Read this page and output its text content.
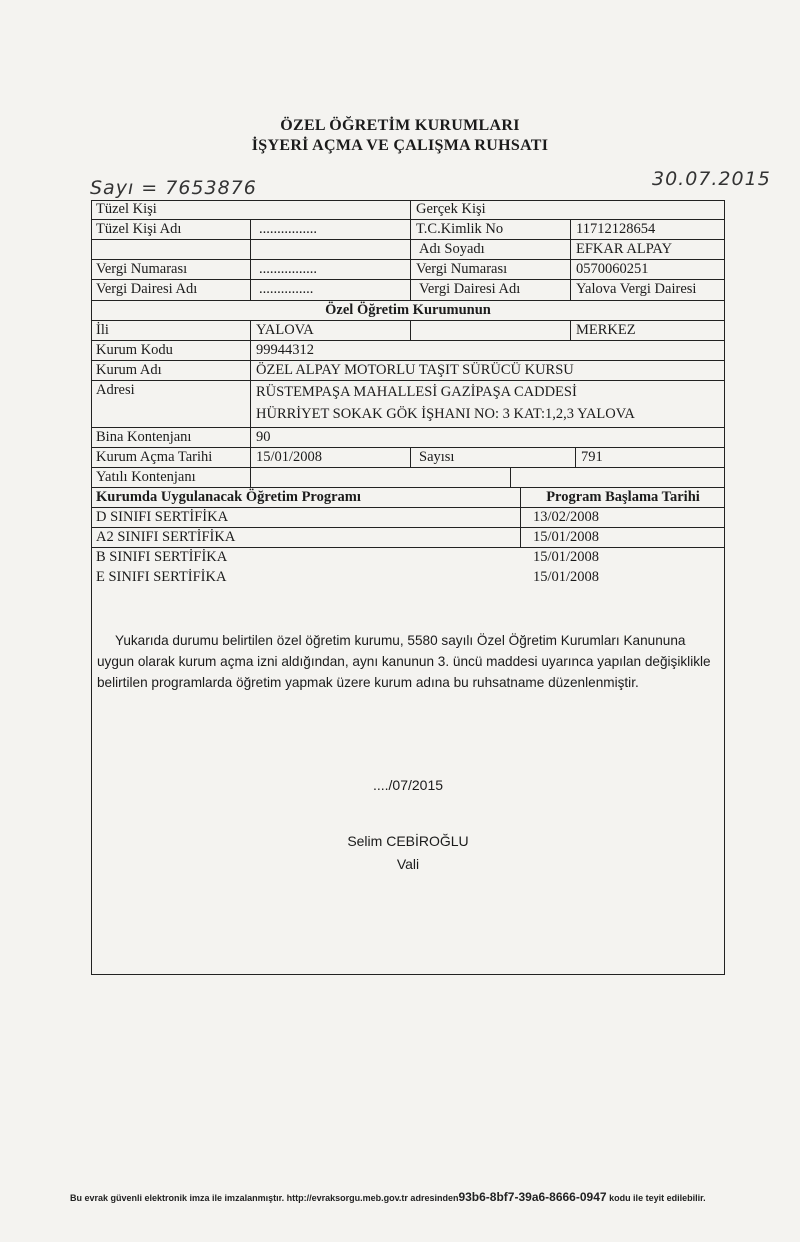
ÖZEL ÖĞRETİM KURUMLARI
İŞYERİ AÇMA VE ÇALIŞMA RUHSATI
Sayı = 7653876	30.07.2015
Tüzel Kişi	Gerçek Kişi
Tüzel Kişi Adı	................	T.C.Kimlik No	11712128654
Adı Soyadı	EFKAR ALPAY
Vergi Numarası	................	Vergi Numarası	0570060251
Vergi Dairesi Adı	...............	Vergi Dairesi Adı	Yalova Vergi Dairesi
Özel Öğretim Kurumunun
İli	YALOVA	MERKEZ
Kurum Kodu	99944312
Kurum Adı	ÖZEL ALPAY MOTORLU TAŞIT SÜRÜCÜ KURSU
Adresi	RÜSTEMPAŞA MAHALLESİ GAZİPAŞA CADDESİ
HÜRRİYET SOKAK GÖK İŞHANI NO: 3 KAT:1,2,3 YALOVA
Bina Kontenjanı	90
Kurum Açma Tarihi	15/01/2008	Sayısı	791
Yatılı Kontenjanı
Kurumda Uygulanacak Öğretim Programı	Program Başlama Tarihi
D SINIFI SERTİFİKA	13/02/2008
A2 SINIFI SERTİFİKA	15/01/2008
B SINIFI SERTİFİKA	15/01/2008
E SINIFI SERTİFİKA	15/01/2008
Yukarıda durumu belirtilen özel öğretim kurumu, 5580 sayılı Özel Öğretim Kurumları Kanununa uygun olarak kurum açma izni aldığından, aynı kanunun 3. üncü maddesi uyarınca yapılan değişiklikle belirtilen programlarda öğretim yapmak üzere kurum adına bu ruhsatname düzenlenmiştir.
..../07/2015
Selim CEBİROĞLU
Vali
Bu evrak güvenli elektronik imza ile imzalanmıştır. http://evraksorgu.meb.gov.tr adresinden93b6-8bf7-39a6-8666-0947 kodu ile teyit edilebilir.
